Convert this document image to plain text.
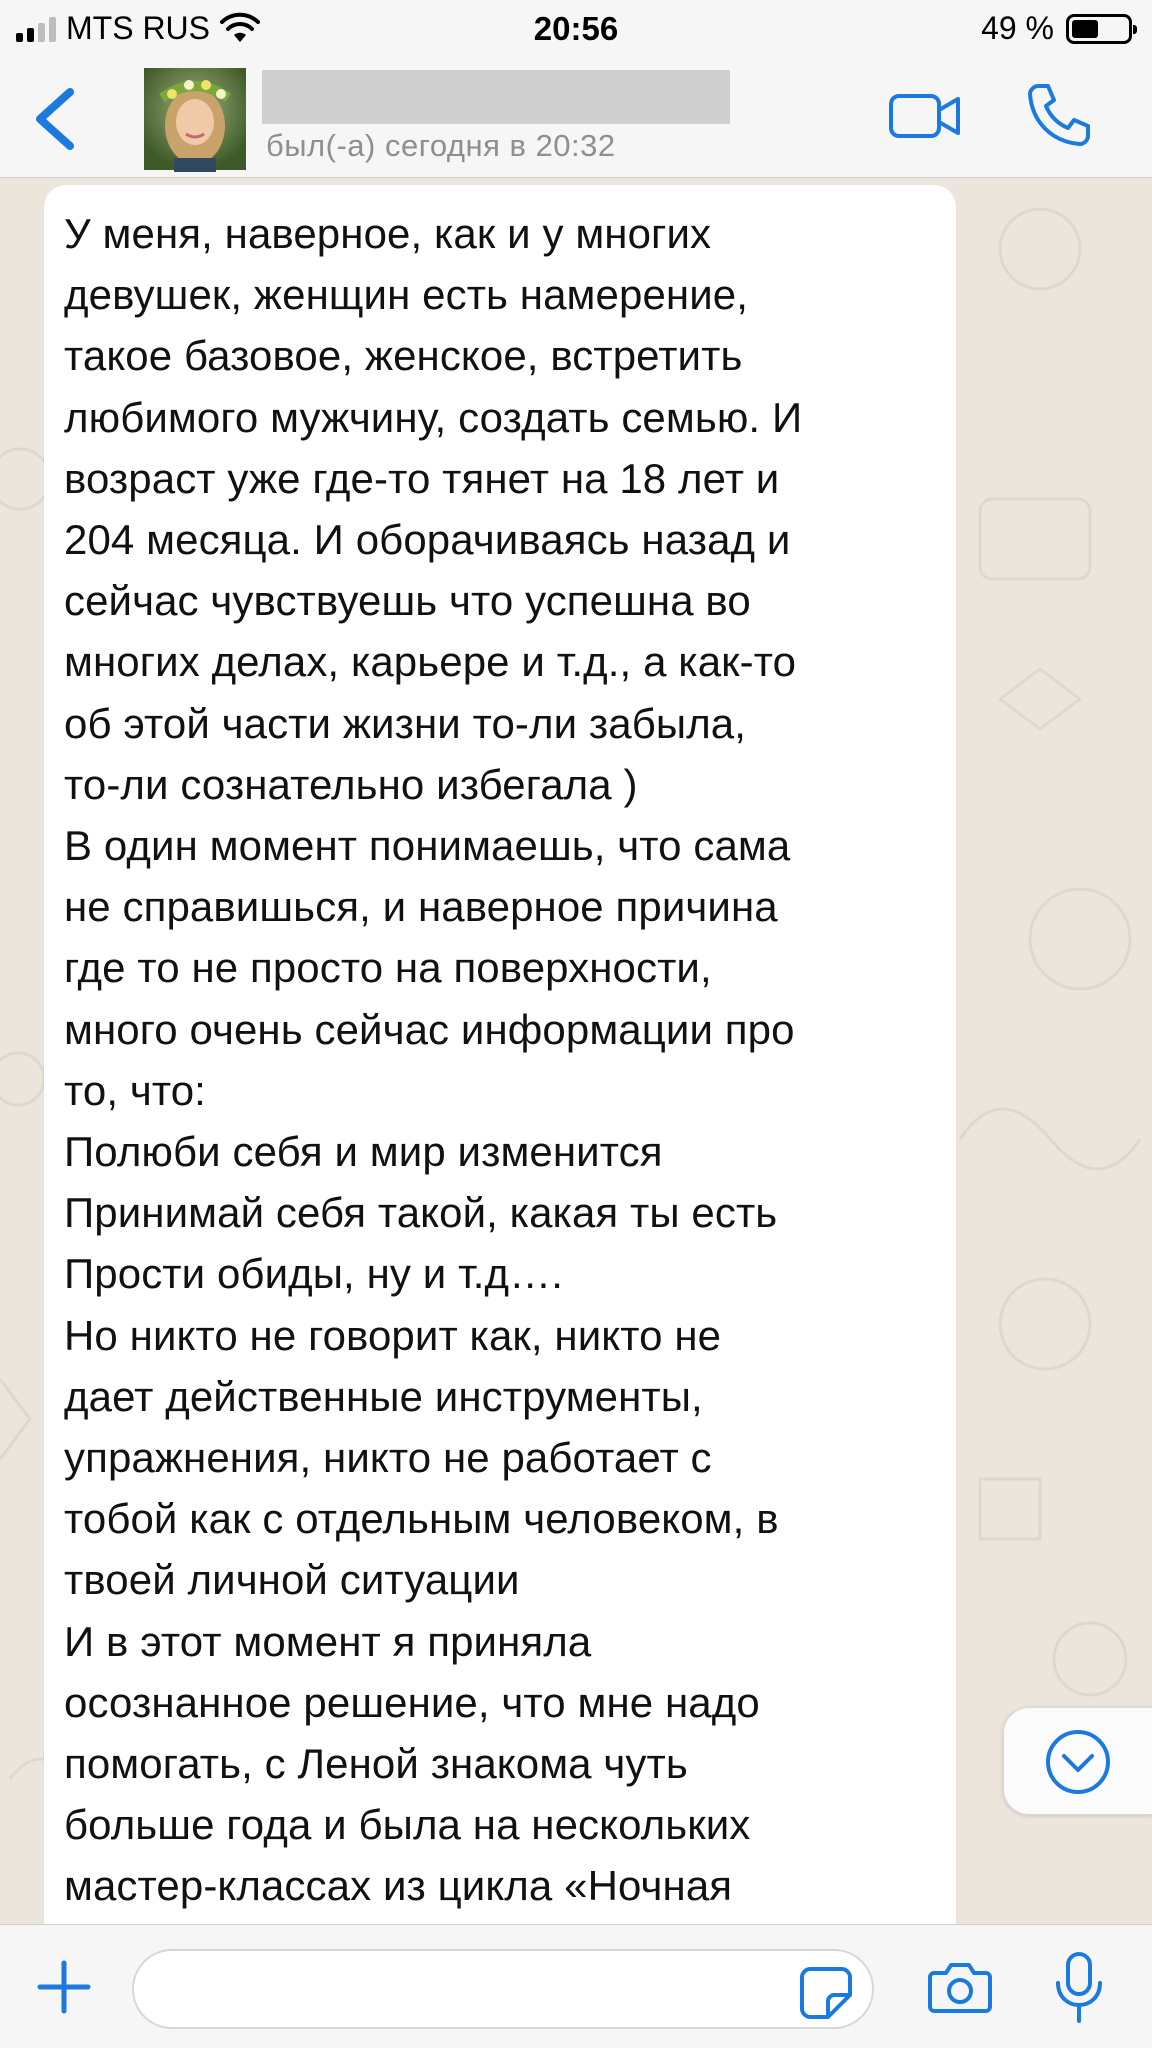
MTS RUS	20:56	49 %
был(-а) сегодня в 20:32
У меня, наверное, как и у многих
девушек, женщин есть намерение,
такое базовое, женское, встретить
любимого мужчину, создать семью. И
возраст уже где-то тянет на 18 лет и
204 месяца. И оборачиваясь назад и
сейчас чувствуешь что успешна во
многих делах, карьере и т.д., а как-то
об этой части жизни то-ли забыла,
то-ли сознательно избегала )
В один момент понимаешь, что сама
не справишься, и наверное причина
где то не просто на поверхности,
много очень сейчас информации про
то, что:
Полюби себя и мир изменится
Принимай себя такой, какая ты есть
Прости обиды, ну и т.д….
Но никто не говорит как, никто не
дает действенные инструменты,
упражнения, никто не работает с
тобой как с отдельным человеком, в
твоей личной ситуации
И в этот момент я приняла
осознанное решение, что мне надо
помогать, с Леной знакома чуть
больше года и была на нескольких
мастер-классах из цикла «Ночная
